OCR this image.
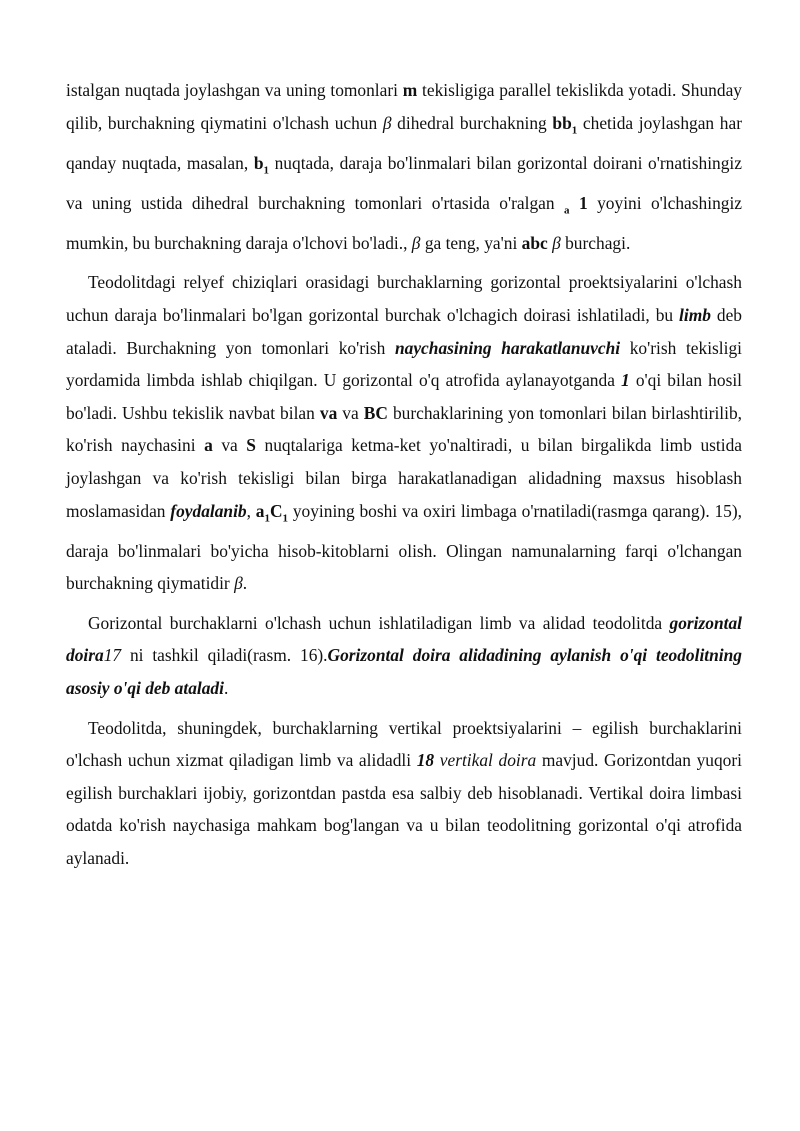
istalgan nuqtada joylashgan va uning tomonlari m tekisligiga parallel tekislikda yotadi. Shunday qilib, burchakning qiymatini o'lchash uchun β dihedral burchakning $bb_1$ chetida joylashgan har qanday nuqtada, masalan, $b_1$ nuqtada, daraja bo'linmalari bilan gorizontal doirani o'rnatishingiz va uning ustida dihedral burchakning tomonlari o'rtasida o'ralgan $_a$ 1 yoyini o'lchashingiz mumkin, bu burchakning daraja o'lchovi bo'ladi., β ga teng, ya'ni abc β burchagi.

Teodolitdagi relyef chiziqlari orasidagi burchaklarning gorizontal proektsiyalarini o'lchash uchun daraja bo'linmalari bo'lgan gorizontal burchak o'lchagich doirasi ishlatiladi, bu limb deb ataladi. Burchakning yon tomonlari ko'rish naychasining harakatlanuvchi ko'rish tekisligi yordamida limbda ishlab chiqilgan. U gorizontal o'q atrofida aylanayotganda 1 o'qi bilan hosil bo'ladi. Ushbu tekislik navbat bilan va va BC burchaklarining yon tomonlari bilan birlashtirilib, ko'rish naychasini a va S nuqtalariga ketma-ket yo'naltiradi, u bilan birgalikda limb ustida joylashgan va ko'rish tekisligi bilan birga harakatlanadigan alidadning maxsus hisoblash moslamasidan foydalanib, $a_1C_1$ yoyining boshi va oxiri limbaga o'rnatiladi(rasmga qarang). 15), daraja bo'linmalari bo'yicha hisob-kitoblarni olish. Olingan namunalarning farqi o'lchangan burchakning qiymatidir β.

Gorizontal burchaklarni o'lchash uchun ishlatiladigan limb va alidad teodolitda gorizontal doira17 ni tashkil qiladi(rasm. 16).Gorizontal doira alidadining aylanish o'qi teodolitning asosiy o'qi deb ataladi.

Teodolitda, shuningdek, burchaklarning vertikal proektsiyalarini – egilish burchaklarini o'lchash uchun xizmat qiladigan limb va alidadli 18 vertikal doira mavjud. Gorizontdan yuqori egilish burchaklari ijobiy, gorizontdan pastda esa salbiy deb hisoblanadi. Vertikal doira limbasi odatda ko'rish naychasiga mahkam bog'langan va u bilan teodolitning gorizontal o'qi atrofida aylanadi.
